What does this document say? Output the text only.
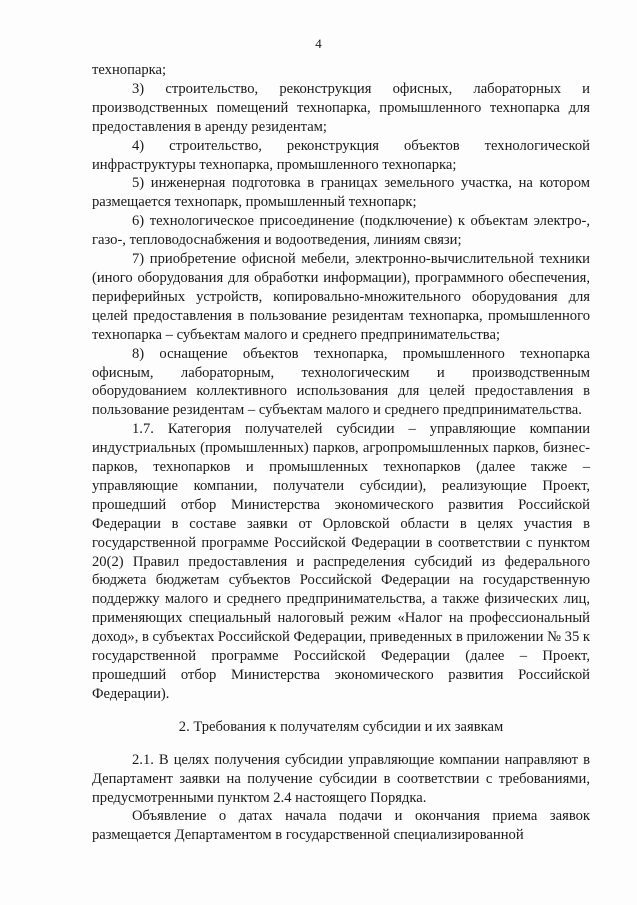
4

технопарка;

3) строительство, реконструкция офисных, лабораторных и производственных помещений технопарка, промышленного технопарка для предоставления в аренду резидентам;

4) строительство, реконструкция объектов технологической инфраструктуры технопарка, промышленного технопарка;

5) инженерная подготовка в границах земельного участка, на котором размещается технопарк, промышленный технопарк;

6) технологическое присоединение (подключение) к объектам электро-, газо-, тепловодоснабжения и водоотведения, линиям связи;

7) приобретение офисной мебели, электронно-вычислительной техники (иного оборудования для обработки информации), программного обеспечения, периферийных устройств, копировально-множительного оборудования для целей предоставления в пользование резидентам технопарка, промышленного технопарка – субъектам малого и среднего предпринимательства;

8) оснащение объектов технопарка, промышленного технопарка офисным, лабораторным, технологическим и производственным оборудованием коллективного использования для целей предоставления в пользование резидентам – субъектам малого и среднего предпринимательства.

1.7. Категория получателей субсидии – управляющие компании индустриальных (промышленных) парков, агропромышленных парков, бизнес-парков, технопарков и промышленных технопарков (далее также – управляющие компании, получатели субсидии), реализующие Проект, прошедший отбор Министерства экономического развития Российской Федерации в составе заявки от Орловской области в целях участия в государственной программе Российской Федерации в соответствии с пунктом 20(2) Правил предоставления и распределения субсидий из федерального бюджета бюджетам субъектов Российской Федерации на государственную поддержку малого и среднего предпринимательства, а также физических лиц, применяющих специальный налоговый режим «Налог на профессиональный доход», в субъектах Российской Федерации, приведенных в приложении № 35 к государственной программе Российской Федерации (далее – Проект, прошедший отбор Министерства экономического развития Российской Федерации).

2. Требования к получателям субсидии и их заявкам

2.1. В целях получения субсидии управляющие компании направляют в Департамент заявки на получение субсидии в соответствии с требованиями, предусмотренными пунктом 2.4 настоящего Порядка.

Объявление о датах начала подачи и окончания приема заявок размещается Департаментом в государственной специализированной
